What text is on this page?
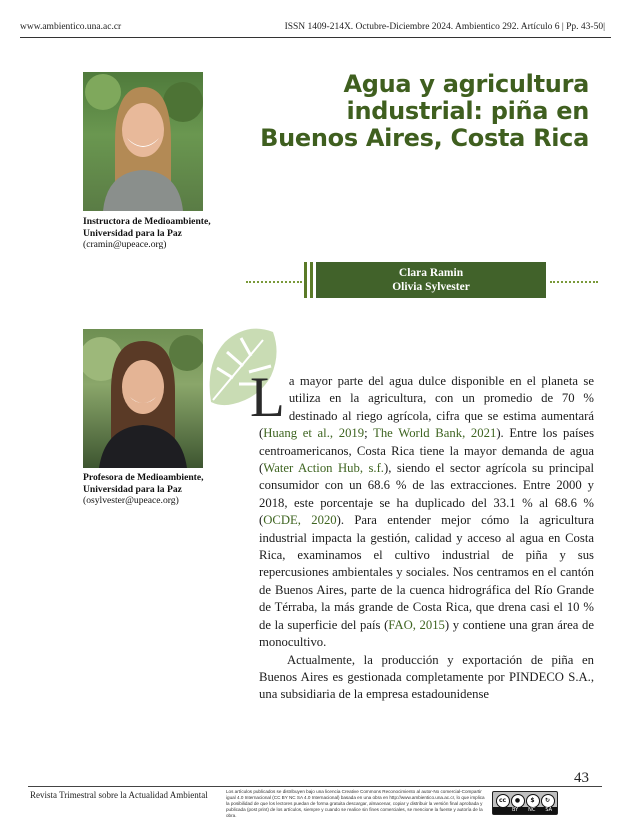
www.ambientico.una.ac.cr	ISSN 1409-214X. Octubre-Diciembre 2024. Ambientico 292. Artículo 6 | Pp. 43-50|
Instructora de Medioambiente, Universidad para la Paz
(cramin@upeace.org)
Profesora de Medioambiente, Universidad para la Paz
(osylvester@upeace.org)
Agua y agricultura industrial: piña en Buenos Aires, Costa Rica
Clara Ramin
Olivia Sylvester

La mayor parte del agua dulce disponible en el planeta se utiliza en la agricultura, con un promedio de 70 % destinado al riego agrícola, cifra que se estima aumentará (Huang et al., 2019; The World Bank, 2021). Entre los países centroamericanos, Costa Rica tiene la mayor demanda de agua (Water Action Hub, s.f.), siendo el sector agrícola su principal consumidor con un 68.6 % de las extracciones. Entre 2000 y 2018, este porcentaje se ha duplicado del 33.1 % al 68.6 % (OCDE, 2020). Para entender mejor cómo la agricultura industrial impacta la gestión, calidad y acceso al agua en Costa Rica, examinamos el cultivo industrial de piña y sus repercusiones ambientales y sociales. Nos centramos en el cantón de Buenos Aires, parte de la cuenca hidrográfica del Río Grande de Térraba, la más grande de Costa Rica, que drena casi el 10 % de la superficie del país (FAO, 2015) y contiene una gran área de monocultivo.

Actualmente, la producción y exportación de piña en Buenos Aires es gestionada completamente por PINDECO S.A., una subsidiaria de la empresa estadounidense

43
Revista Trimestral sobre la Actualidad Ambiental	Los artículos publicados se distribuyen bajo una licencia Creative Commons Reconocimiento al autor-No comercial-Compartir igual 4.0 Internacional (CC BY NC SA 4.0 Internacional) basada en una obra en http://www.ambientico.una.ac.cr, lo que implica la posibilidad de que los lectores puedan de forma gratuita descargar, almacenar, copiar y distribuir la versión final aprobada y publicada (post print) de los artículos, siempre y cuando se realice sin fines comerciales, se mencione la fuente y autoría de la obra.
cc	●	$	↻
BY NC SA
